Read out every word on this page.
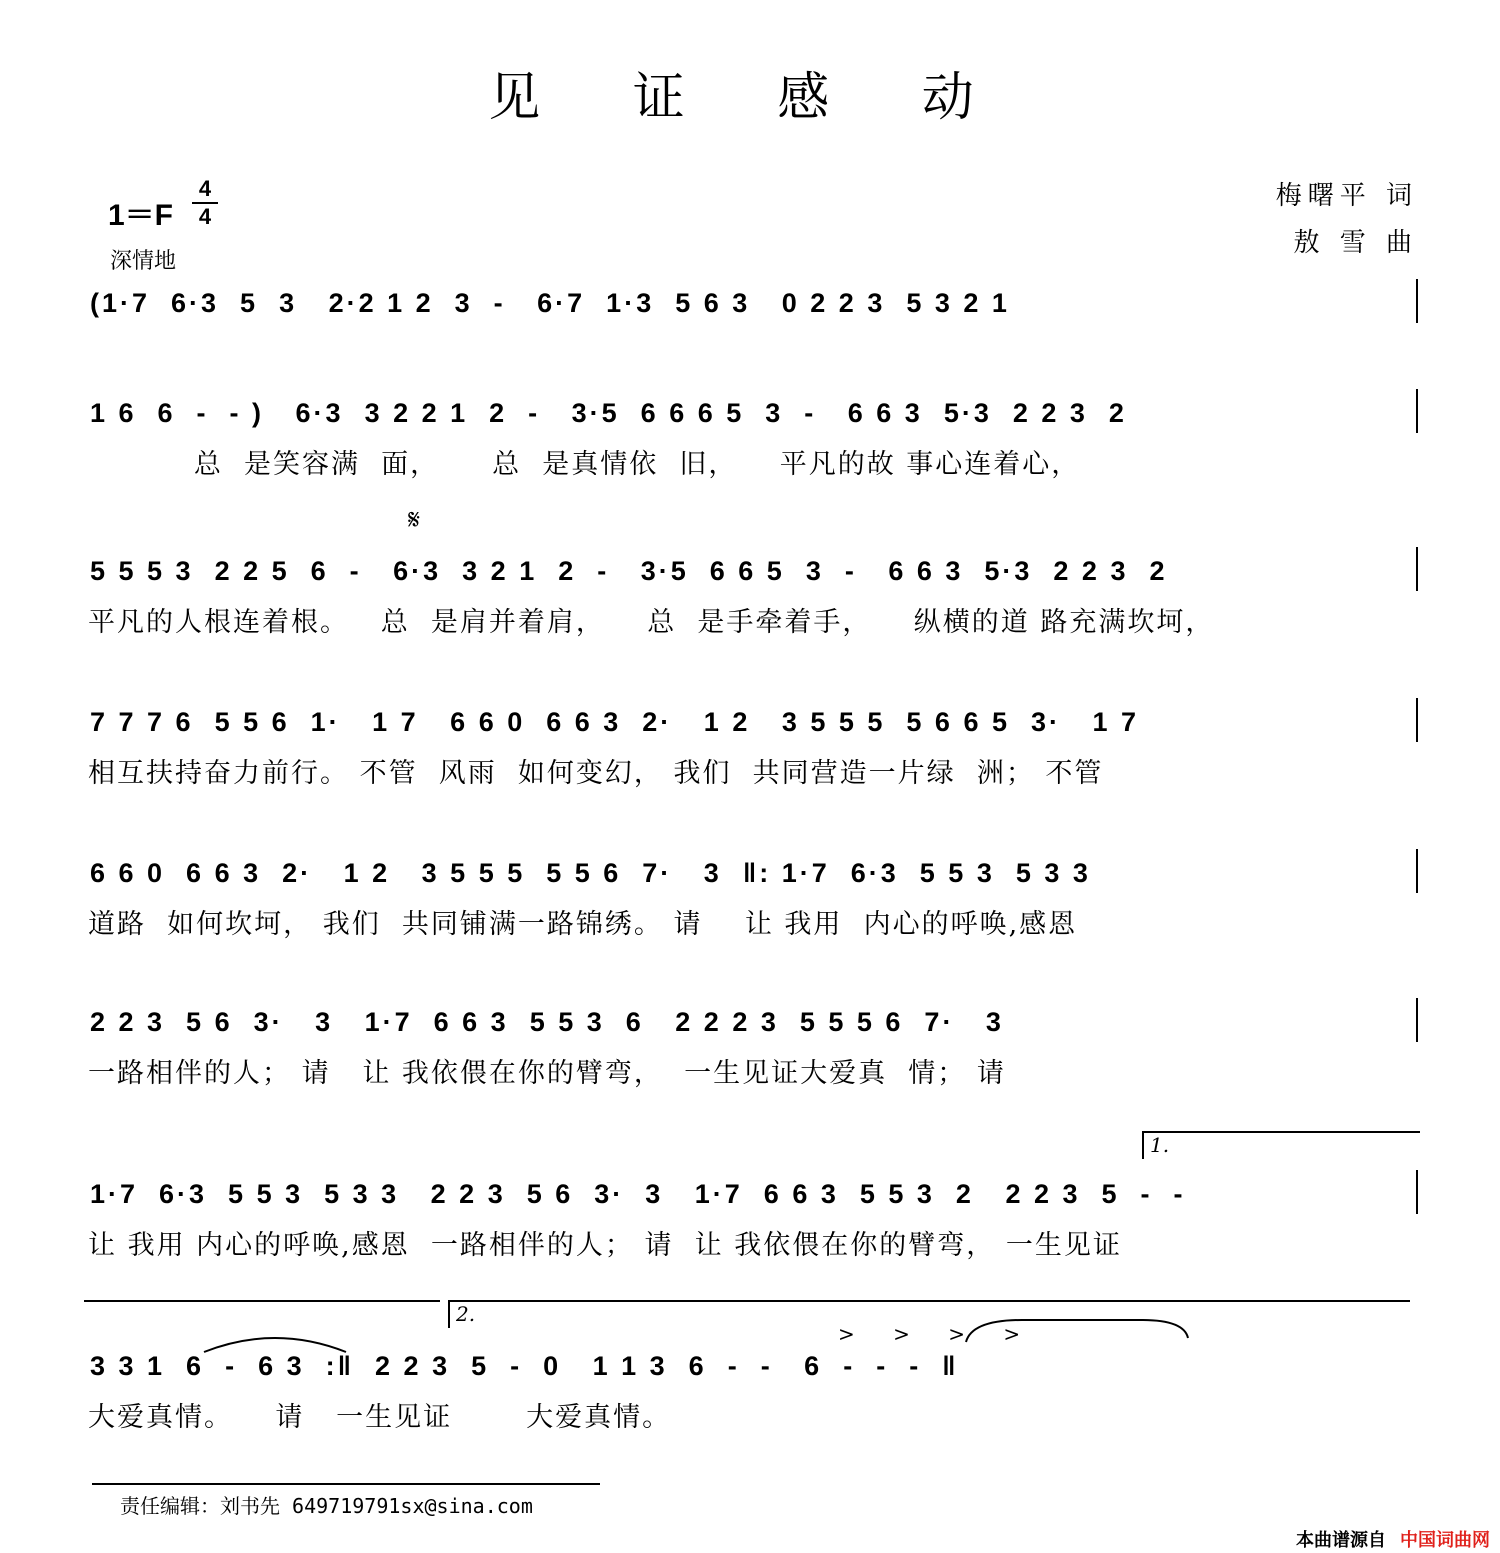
见 证 感 动
1＝F
4
4
深情地
梅曙平 词
敖 雪 曲
(1·7  6·3  5  3   2·2 1 2  3  -   6·7  1·3  5 6 3   0 2 2 3  5 3 2 1
1 6  6  -  - )   6·3  3 2 2 1  2  -   3·5  6 6 6 5  3  -   6 6 3  5·3  2 2 3  2
总  是笑容满  面，     总  是真情依  旧，    平凡的故 事心连着心，
𝄋
5 5 5 3  2 2 5  6  -   6·3  3 2 1  2  -   3·5  6 6 5  3  -   6 6 3  5·3  2 2 3  2
平凡的人根连着根。   总  是肩并着肩，    总  是手牵着手，    纵横的道 路充满坎坷，
7 7 7 6  5 5 6  1·   1 7   6 6 0  6 6 3  2·   1 2   3 5 5 5  5 6 6 5  3·   1 7
相互扶持奋力前行。 不管  风雨  如何变幻， 我们  共同营造一片绿  洲； 不管
6 6 0  6 6 3  2·   1 2   3 5 5 5  5 5 6  7·   3  ‖: 1·7  6·3  5 5 3  5 3 3
道路  如何坎坷， 我们  共同铺满一路锦绣。 请    让 我用  内心的呼唤,感恩
2 2 3  5 6  3·   3   1·7  6 6 3  5 5 3  6   2 2 2 3  5 5 5 6  7·   3
一路相伴的人； 请   让 我依偎在你的臂弯，  一生见证大爱真  情； 请
1.
1·7  6·3  5 5 3  5 3 3   2 2 3  5 6  3·  3   1·7  6 6 3  5 5 3  2   2 2 3  5  -  -
让 我用 内心的呼唤,感恩  一路相伴的人； 请  让 我依偎在你的臂弯， 一生见证
2.
> > > >
3 3 1  6  -  6 3  :‖  2 2 3  5  -  0   1 1 3  6  -  -   6  -  -  -  ‖
大爱真情。    请   一生见证       大爱真情。
责任编辑：刘书先 649719791sx@sina.com
本曲谱源自 中国词曲网
